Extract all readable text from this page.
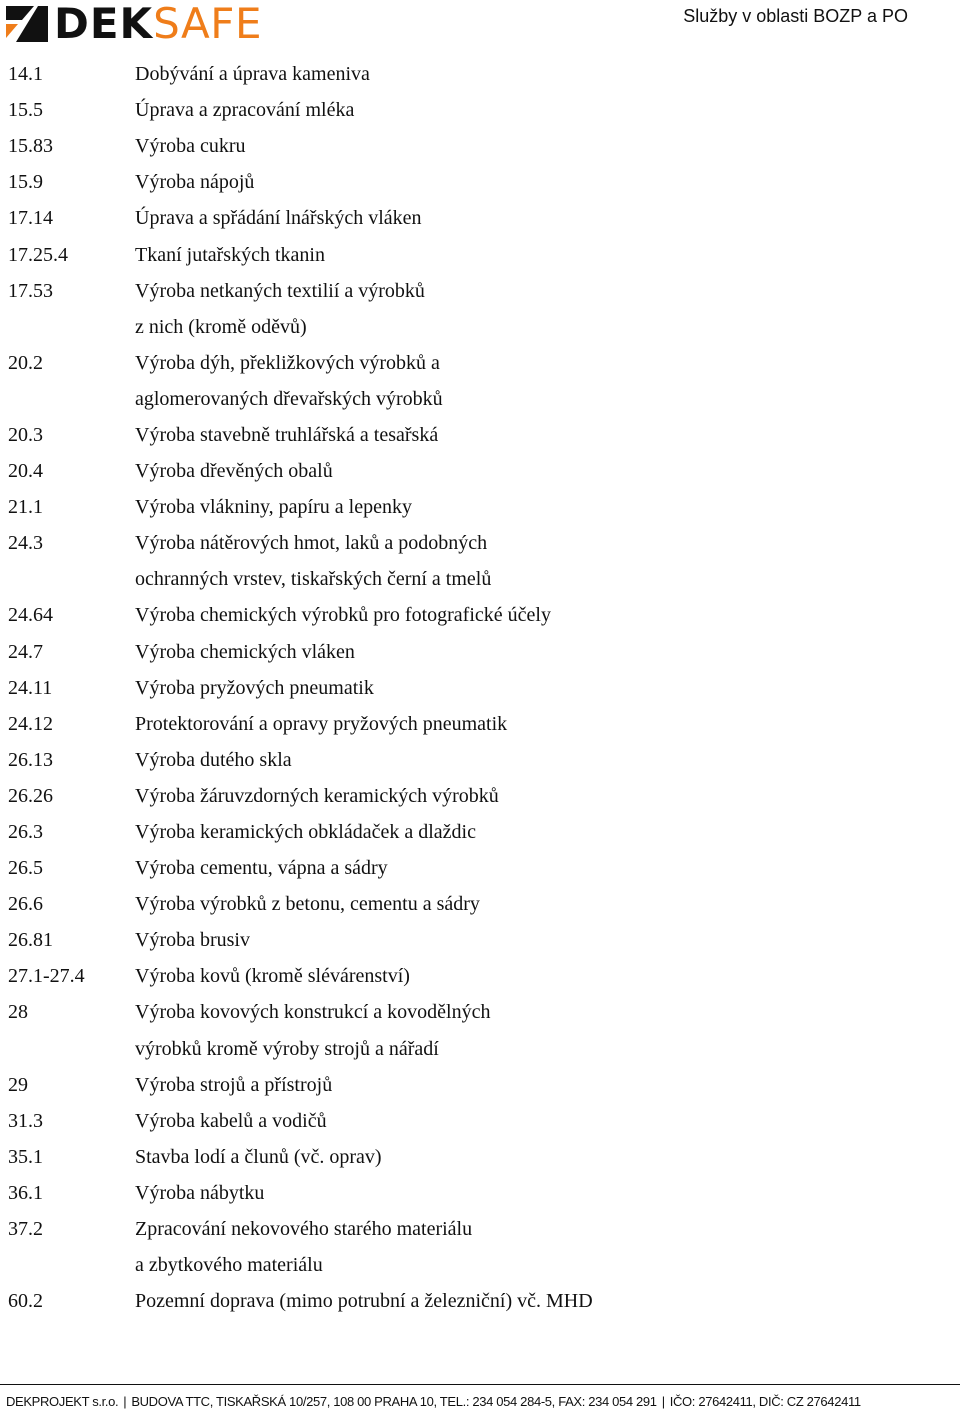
DEK SAFE	Služby v oblasti BOZP a PO
14.1	Dobývání a úprava kameniva
15.5	Úprava a zpracování mléka
15.83	Výroba cukru
15.9	Výroba nápojů
17.14	Úprava a spřádání lnářských vláken
17.25.4	Tkaní jutařských tkanin
17.53	Výroba netkaných textilií a výrobků
z nich (kromě oděvů)
20.2	Výroba dýh, překližkových výrobků a
aglomerovaných dřevařských výrobků
20.3	Výroba stavebně truhlářská a tesařská
20.4	Výroba dřevěných obalů
21.1	Výroba vlákniny, papíru a lepenky
24.3	Výroba nátěrových hmot, laků a podobných
ochranných vrstev, tiskařských černí a tmelů
24.64	Výroba chemických výrobků pro fotografické účely
24.7	Výroba chemických vláken
24.11	Výroba pryžových pneumatik
24.12	Protektorování a opravy pryžových pneumatik
26.13	Výroba dutého skla
26.26	Výroba žáruvzdorných keramických výrobků
26.3	Výroba keramických obkládaček a dlaždic
26.5	Výroba cementu, vápna a sádry
26.6	Výroba výrobků z betonu, cementu a sádry
26.81	Výroba brusiv
27.1-27.4	Výroba kovů (kromě slévárenství)
28	Výroba kovových konstrukcí a kovodělných
výrobků kromě výroby strojů a nářadí
29	Výroba strojů a přístrojů
31.3	Výroba kabelů a vodičů
35.1	Stavba lodí a člunů (vč. oprav)
36.1	Výroba nábytku
37.2	Zpracování nekovového starého materiálu
a zbytkového materiálu
60.2	Pozemní doprava (mimo potrubní a železniční) vč. MHD
DEKPROJEKT s.r.o. | BUDOVA TTC, TISKAŘSKÁ 10/257, 108 00 PRAHA 10, TEL.: 234 054 284-5, FAX: 234 054 291 | IČO: 27642411, DIČ: CZ 27642411
